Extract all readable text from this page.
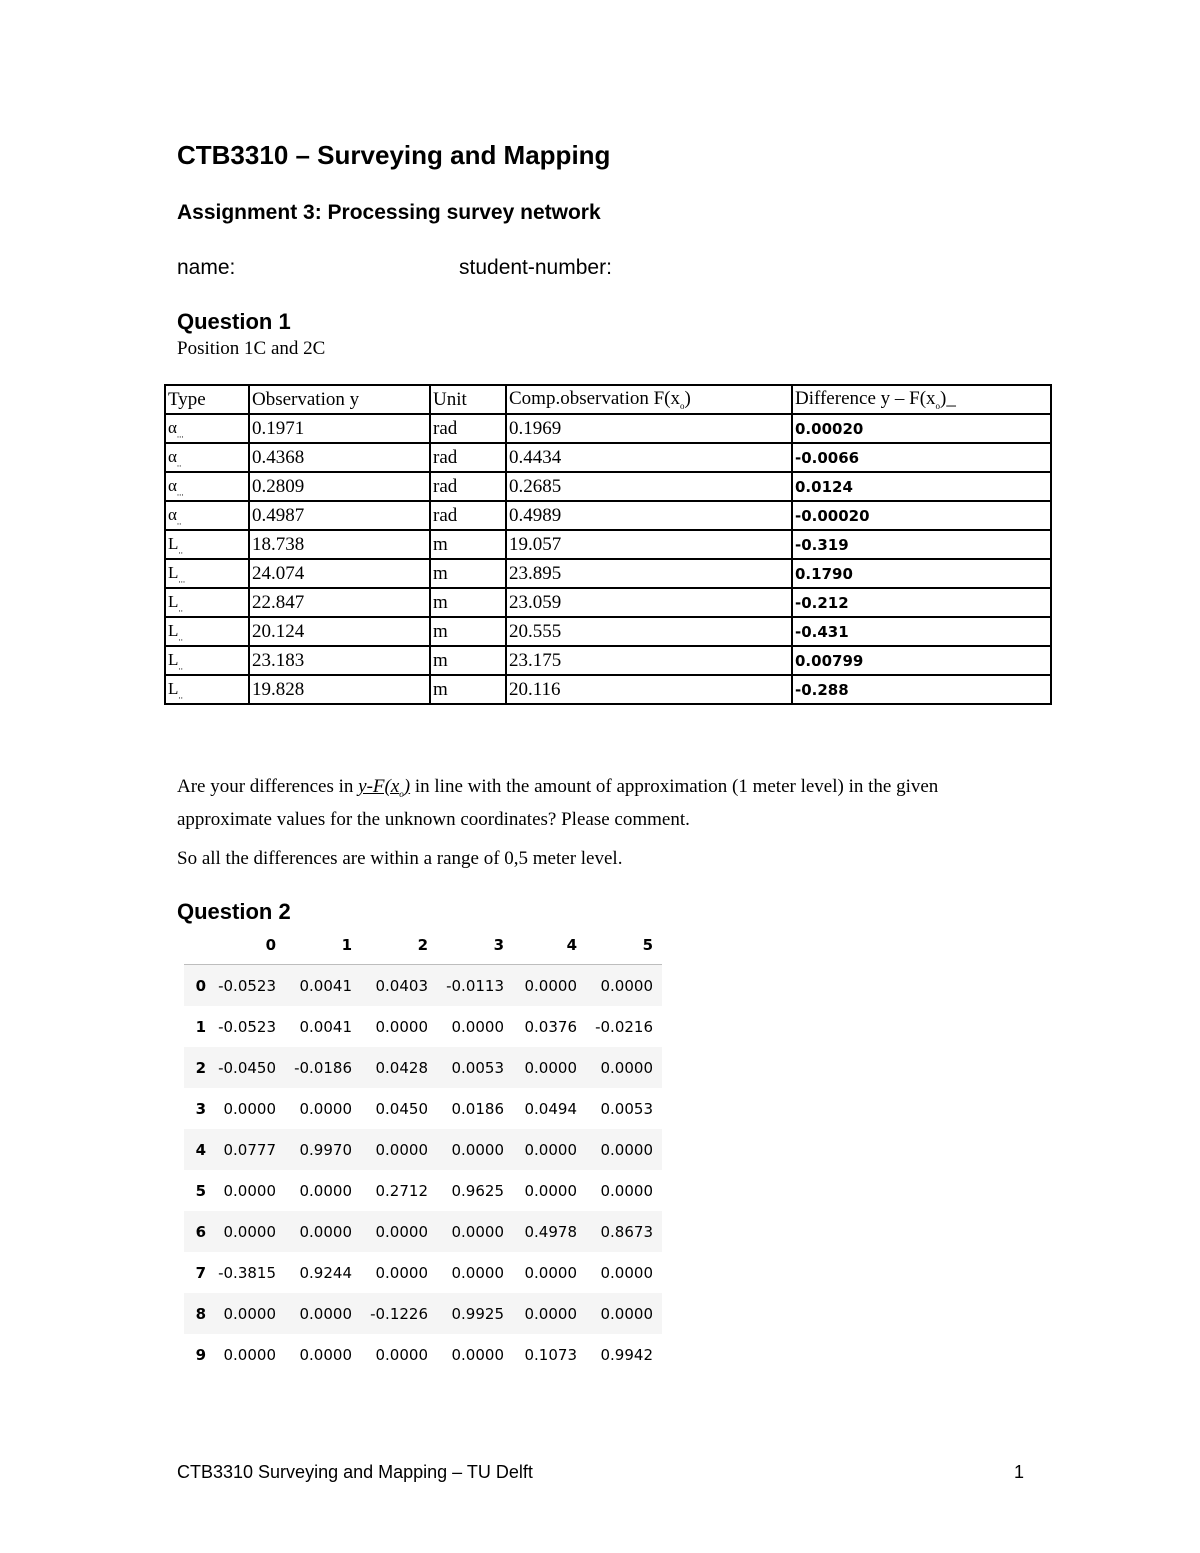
CTB3310 – Surveying and Mapping
Assignment 3: Processing survey network
name:	student-number:
Question 1
Position 1C and 2C
Type	Observation y	Unit	Comp.observation $F(x_o)$	Difference y – $F(x_o)\_$
$\alpha_{...}$	0.1971	rad	0.1969	0.00020
$\alpha_{..}$	0.4368	rad	0.4434	-0.0066
$\alpha_{...}$	0.2809	rad	0.2685	0.0124
$\alpha_{..}$	0.4987	rad	0.4989	-0.00020
$L_{..}$	18.738	m	19.057	-0.319
$L_{...}$	24.074	m	23.895	0.1790
$L_{..}$	22.847	m	23.059	-0.212
$L_{..}$	20.124	m	20.555	-0.431
$L_{..}$	23.183	m	23.175	0.00799
$L_{..}$	19.828	m	20.116	-0.288

Are your differences in $y-F(x_o)$ in line with the amount of approximation (1 meter level) in the given approximate values for the unknown coordinates? Please comment.

So all the differences are within a range of 0,5 meter level.

Question 2
	0	1	2	3	4	5
0	-0.0523	0.0041	0.0403	-0.0113	0.0000	0.0000
1	-0.0523	0.0041	0.0000	0.0000	0.0376	-0.0216
2	-0.0450	-0.0186	0.0428	0.0053	0.0000	0.0000
3	0.0000	0.0000	0.0450	0.0186	0.0494	0.0053
4	0.0777	0.9970	0.0000	0.0000	0.0000	0.0000
5	0.0000	0.0000	0.2712	0.9625	0.0000	0.0000
6	0.0000	0.0000	0.0000	0.0000	0.4978	0.8673
7	-0.3815	0.9244	0.0000	0.0000	0.0000	0.0000
8	0.0000	0.0000	-0.1226	0.9925	0.0000	0.0000
9	0.0000	0.0000	0.0000	0.0000	0.1073	0.9942
CTB3310 Surveying and Mapping – TU Delft	1
